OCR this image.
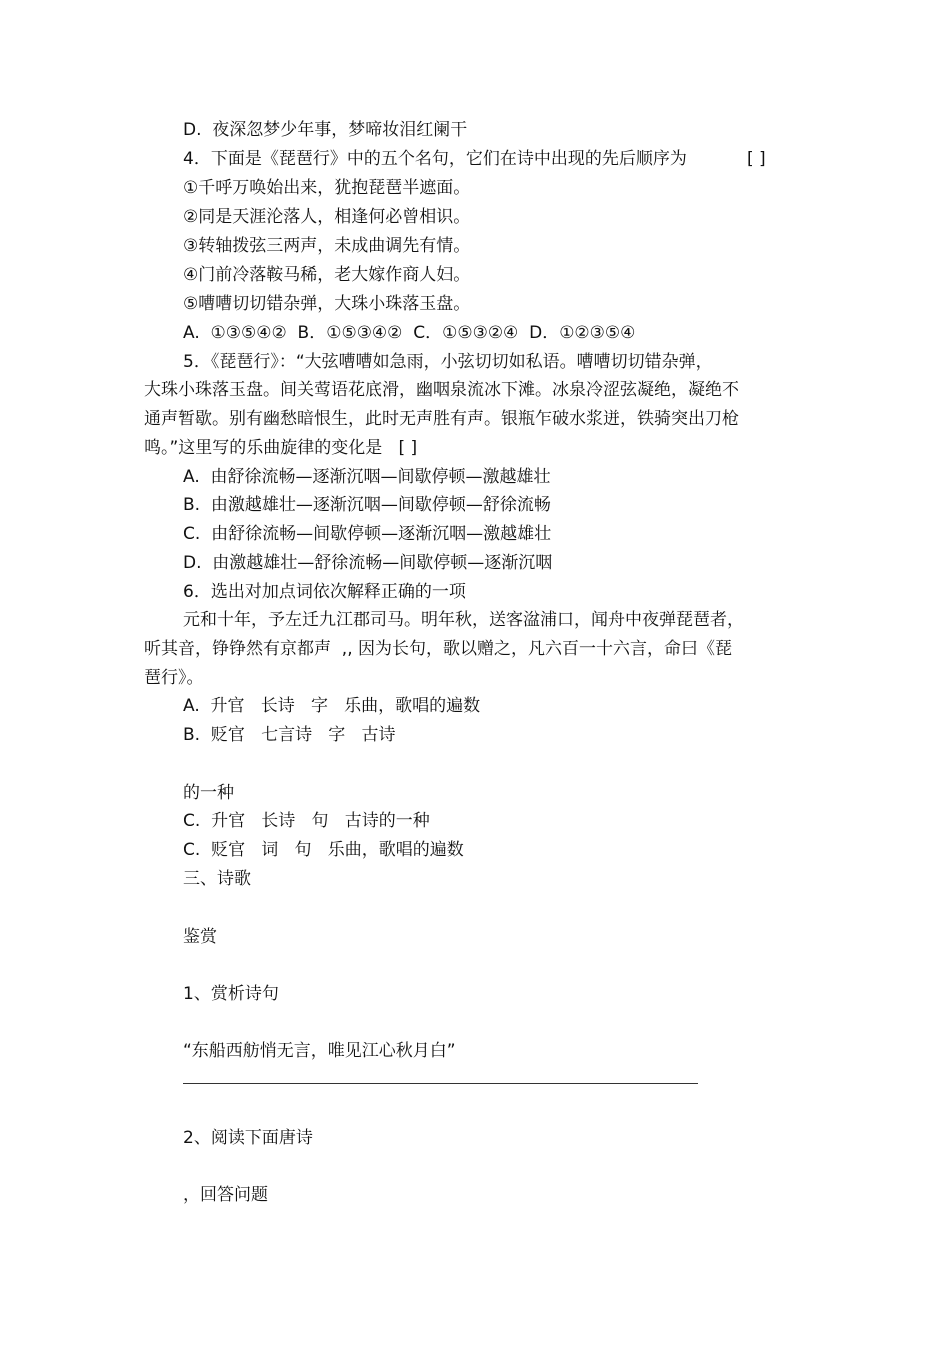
D.  夜深忽梦少年事，梦啼妆泪红阑干
4．下面是《琵琶行》中的五个名句，它们在诗中出现的先后顺序为	[ ]
①千呼万唤始出来，犹抱琵琶半遮面。
②同是天涯沦落人，相逢何必曾相识。
③转轴拨弦三两声，未成曲调先有情。
④门前冷落鞍马稀，老大嫁作商人妇。
⑤嘈嘈切切错杂弹，大珠小珠落玉盘。
A.  ①③⑤④②  B．①⑤③④②  C．①⑤③②④  D．①②③⑤④
5．《琵琶行》：“大弦嘈嘈如急雨，小弦切切如私语。嘈嘈切切错杂弹，
大珠小珠落玉盘。间关莺语花底滑，幽咽泉流冰下滩。冰泉冷涩弦凝绝，凝绝不
通声暂歇。别有幽愁暗恨生，此时无声胜有声。银瓶乍破水浆迸，铁骑突出刀枪
鸣。”这里写的乐曲旋律的变化是   [ ]
A.  由舒徐流畅—逐渐沉咽—间歇停顿—激越雄壮
B.  由激越雄壮—逐渐沉咽—间歇停顿—舒徐流畅
C.  由舒徐流畅—间歇停顿—逐渐沉咽—激越雄壮
D.  由激越雄壮—舒徐流畅—间歇停顿—逐渐沉咽
6．选出对加点词依次解释正确的一项
元和十年，予左迁九江郡司马。明年秋，送客湓浦口，闻舟中夜弹琵琶者，
听其音，铮铮然有京都声  ,, 因为长句，歌以赠之，凡六百一十六言，命曰《琵
琶行》。
A.  升官   长诗   字   乐曲，歌唱的遍数
B.  贬官   七言诗   字   古诗
的一种
C.  升官   长诗   句   古诗的一种
C.  贬官   词   句   乐曲，歌唱的遍数
三、诗歌
鉴赏
1、赏析诗句
“东船西舫悄无言，唯见江心秋月白”
2、阅读下面唐诗
，回答问题
